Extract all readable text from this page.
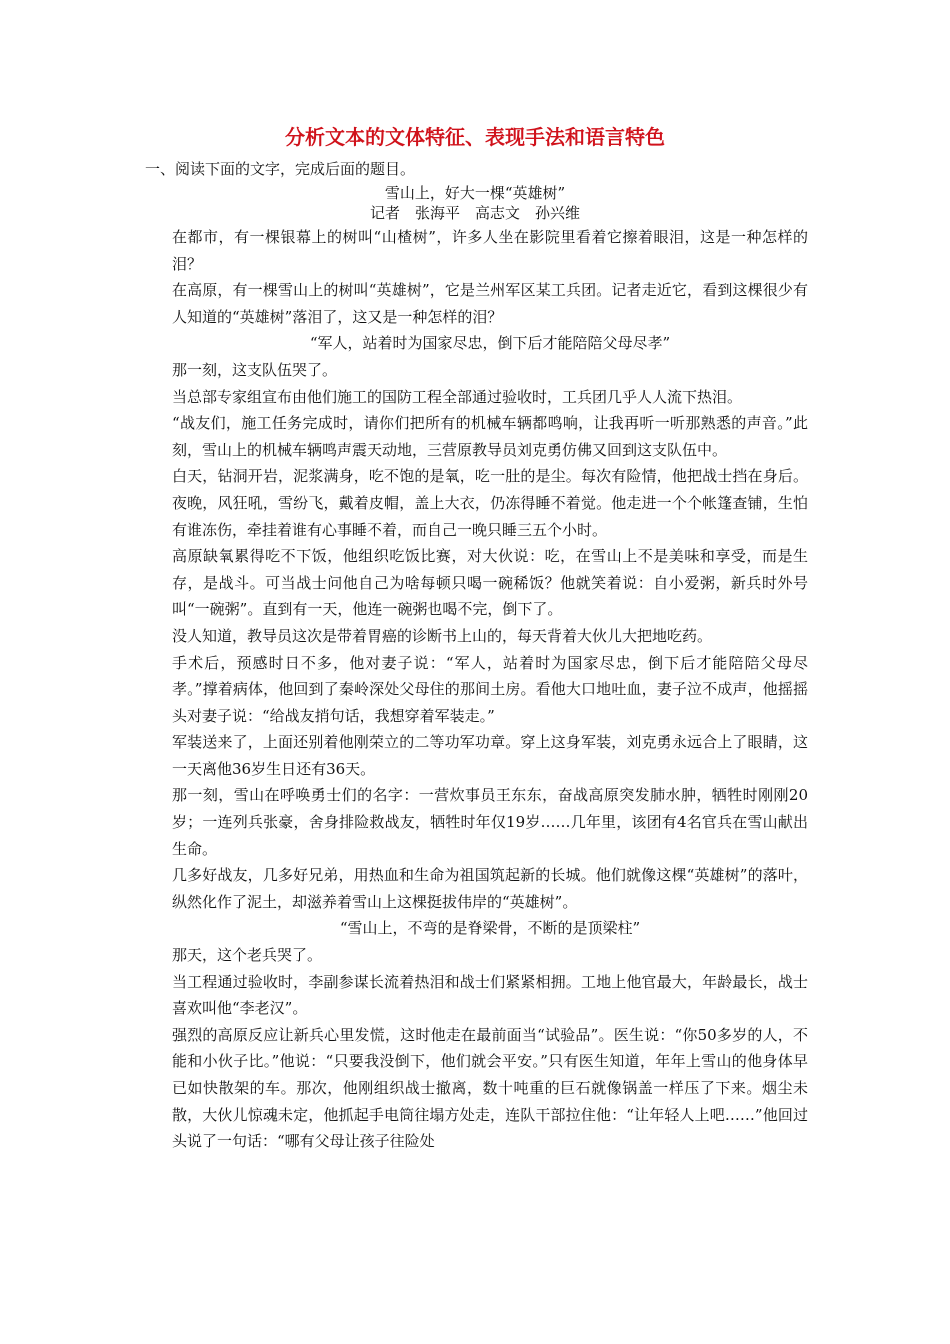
分析文本的文体特征、表现手法和语言特色
一、阅读下面的文字，完成后面的题目。
雪山上，好大一棵“英雄树”
记者　张海平　高志文　孙兴维

在都市，有一棵银幕上的树叫“山楂树”，许多人坐在影院里看着它擦着眼泪，这是一种怎样的泪？

在高原，有一棵雪山上的树叫“英雄树”，它是兰州军区某工兵团。记者走近它，看到这棵很少有人知道的“英雄树”落泪了，这又是一种怎样的泪？

“军人，站着时为国家尽忠，倒下后才能陪陪父母尽孝”

那一刻，这支队伍哭了。

当总部专家组宣布由他们施工的国防工程全部通过验收时，工兵团几乎人人流下热泪。

“战友们，施工任务完成时，请你们把所有的机械车辆都鸣响，让我再听一听那熟悉的声音。”此刻，雪山上的机械车辆鸣声震天动地，三营原教导员刘克勇仿佛又回到这支队伍中。

白天，钻洞开岩，泥浆满身，吃不饱的是氧，吃一肚的是尘。每次有险情，他把战士挡在身后。夜晚，风狂吼，雪纷飞，戴着皮帽，盖上大衣，仍冻得睡不着觉。他走进一个个帐篷查铺，生怕有谁冻伤，牵挂着谁有心事睡不着，而自己一晚只睡三五个小时。

高原缺氧累得吃不下饭，他组织吃饭比赛，对大伙说：吃，在雪山上不是美味和享受，而是生存，是战斗。可当战士问他自己为啥每顿只喝一碗稀饭？他就笑着说：自小爱粥，新兵时外号叫“一碗粥”。直到有一天，他连一碗粥也喝不完，倒下了。

没人知道，教导员这次是带着胃癌的诊断书上山的，每天背着大伙儿大把地吃药。

手术后，预感时日不多，他对妻子说：“军人，站着时为国家尽忠，倒下后才能陪陪父母尽孝。”撑着病体，他回到了秦岭深处父母住的那间土房。看他大口地吐血，妻子泣不成声，他摇摇头对妻子说：“给战友捎句话，我想穿着军装走。”

军装送来了，上面还别着他刚荣立的二等功军功章。穿上这身军装，刘克勇永远合上了眼睛，这一天离他36岁生日还有36天。

那一刻，雪山在呼唤勇士们的名字：一营炊事员王东东，奋战高原突发肺水肿，牺牲时刚刚20岁；一连列兵张豪，舍身排险救战友，牺牲时年仅19岁……几年里，该团有4名官兵在雪山献出生命。

几多好战友，几多好兄弟，用热血和生命为祖国筑起新的长城。他们就像这棵“英雄树”的落叶，纵然化作了泥土，却滋养着雪山上这棵挺拔伟岸的“英雄树”。

“雪山上，不弯的是脊梁骨，不断的是顶梁柱”

那天，这个老兵哭了。

当工程通过验收时，李副参谋长流着热泪和战士们紧紧相拥。工地上他官最大，年龄最长，战士喜欢叫他“李老汉”。

强烈的高原反应让新兵心里发慌，这时他走在最前面当“试验品”。医生说：“你50多岁的人，不能和小伙子比。”他说：“只要我没倒下，他们就会平安。”只有医生知道，年年上雪山的他身体早已如快散架的车。那次，他刚组织战士撤离，数十吨重的巨石就像锅盖一样压了下来。烟尘未散，大伙儿惊魂未定，他抓起手电筒往塌方处走，连队干部拉住他：“让年轻人上吧……”他回过头说了一句话：“哪有父母让孩子往险处
